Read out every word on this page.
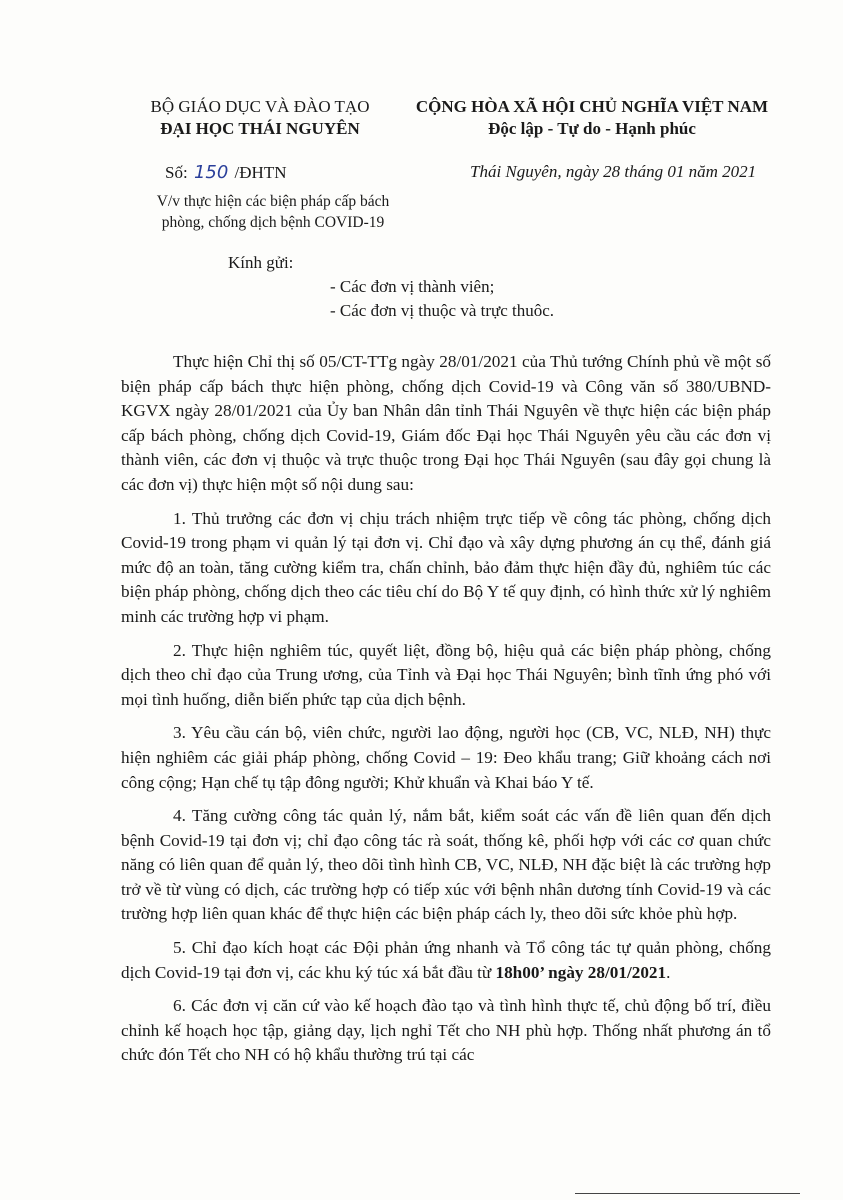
BỘ GIÁO DỤC VÀ ĐÀO TẠO
ĐẠI HỌC THÁI NGUYÊN
CỘNG HÒA XÃ HỘI CHỦ NGHĨA VIỆT NAM
Độc lập - Tự do - Hạnh phúc
Số: 150 /ĐHTN	Thái Nguyên, ngày 28 tháng 01 năm 2021
V/v thực hiện các biện pháp cấp bách
phòng, chống dịch bệnh COVID-19
Kính gửi:
- Các đơn vị thành viên;
- Các đơn vị thuộc và trực thuôc.

Thực hiện Chỉ thị số 05/CT-TTg ngày 28/01/2021 của Thủ tướng Chính phủ về một số biện pháp cấp bách thực hiện phòng, chống dịch Covid-19 và Công văn số 380/UBND-KGVX ngày 28/01/2021 của Ủy ban Nhân dân tỉnh Thái Nguyên về thực hiện các biện pháp cấp bách phòng, chống dịch Covid-19, Giám đốc Đại học Thái Nguyên yêu cầu các đơn vị thành viên, các đơn vị thuộc và trực thuộc trong Đại học Thái Nguyên (sau đây gọi chung là các đơn vị) thực hiện một số nội dung sau:

1. Thủ trưởng các đơn vị chịu trách nhiệm trực tiếp về công tác phòng, chống dịch Covid-19 trong phạm vi quản lý tại đơn vị. Chỉ đạo và xây dựng phương án cụ thể, đánh giá mức độ an toàn, tăng cường kiểm tra, chấn chỉnh, bảo đảm thực hiện đầy đủ, nghiêm túc các biện pháp phòng, chống dịch theo các tiêu chí do Bộ Y tế quy định, có hình thức xử lý nghiêm minh các trường hợp vi phạm.

2. Thực hiện nghiêm túc, quyết liệt, đồng bộ, hiệu quả các biện pháp phòng, chống dịch theo chỉ đạo của Trung ương, của Tỉnh và Đại học Thái Nguyên; bình tĩnh ứng phó với mọi tình huống, diễn biến phức tạp của dịch bệnh.

3. Yêu cầu cán bộ, viên chức, người lao động, người học (CB, VC, NLĐ, NH) thực hiện nghiêm các giải pháp phòng, chống Covid – 19: Đeo khẩu trang; Giữ khoảng cách nơi công cộng; Hạn chế tụ tập đông người; Khử khuẩn và Khai báo Y tế.

4. Tăng cường công tác quản lý, nắm bắt, kiểm soát các vấn đề liên quan đến dịch bệnh Covid-19 tại đơn vị; chỉ đạo công tác rà soát, thống kê, phối hợp với các cơ quan chức năng có liên quan để quản lý, theo dõi tình hình CB, VC, NLĐ, NH đặc biệt là các trường hợp trở về từ vùng có dịch, các trường hợp có tiếp xúc với bệnh nhân dương tính Covid-19 và các trường hợp liên quan khác để thực hiện các biện pháp cách ly, theo dõi sức khỏe phù hợp.

5. Chỉ đạo kích hoạt các Đội phản ứng nhanh và Tổ công tác tự quản phòng, chống dịch Covid-19 tại đơn vị, các khu ký túc xá bắt đầu từ 18h00’ ngày 28/01/2021.

6. Các đơn vị căn cứ vào kế hoạch đào tạo và tình hình thực tế, chủ động bố trí, điều chỉnh kế hoạch học tập, giảng dạy, lịch nghỉ Tết cho NH phù hợp. Thống nhất phương án tổ chức đón Tết cho NH có hộ khẩu thường trú tại các
